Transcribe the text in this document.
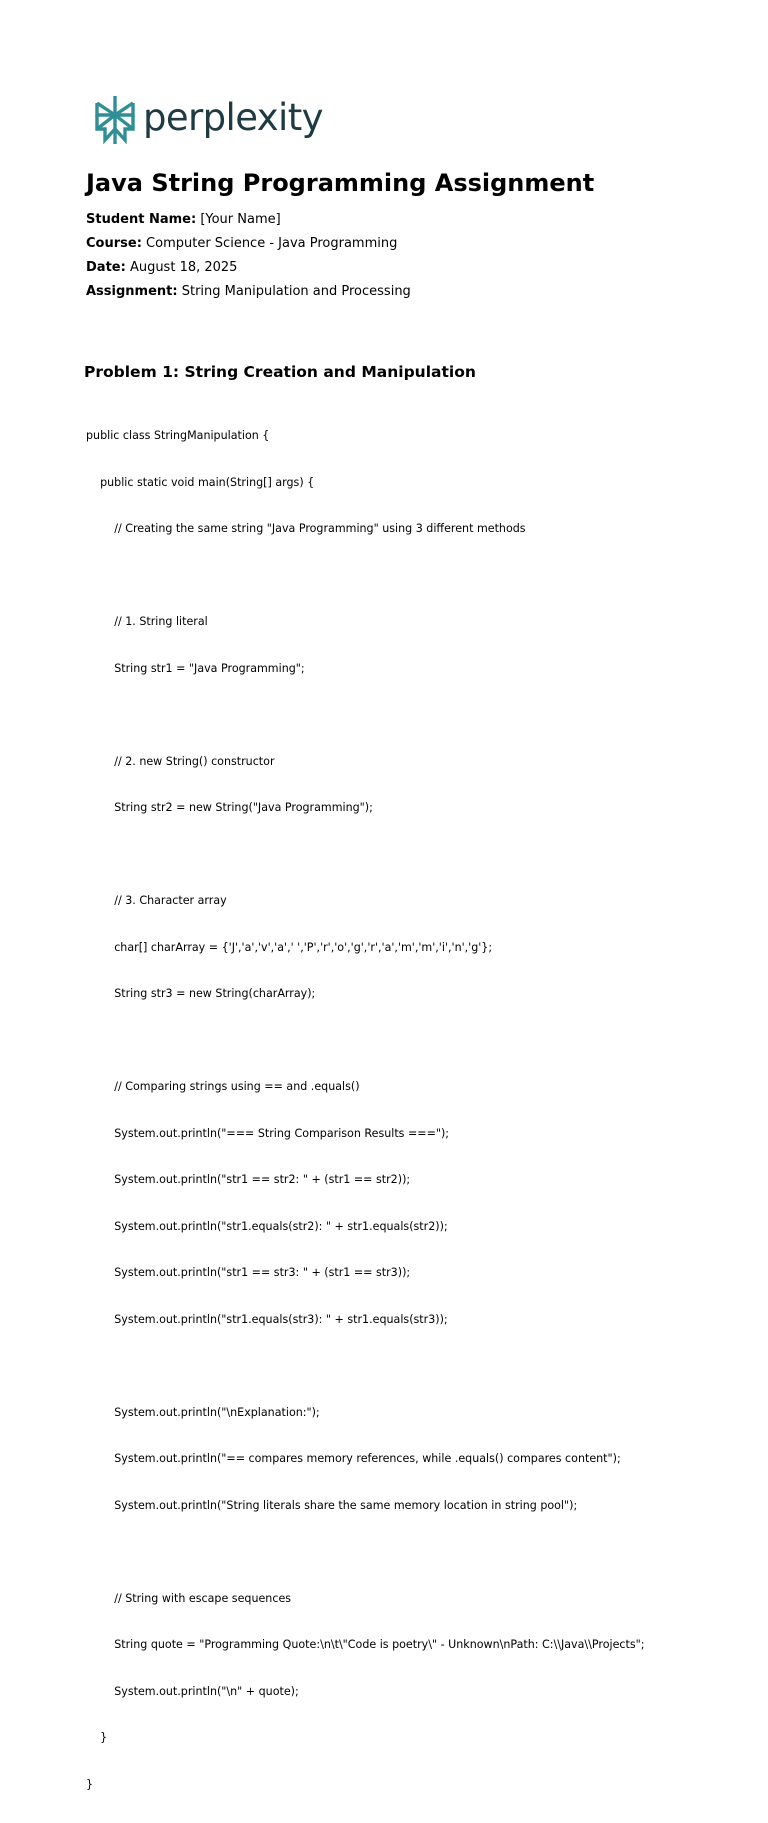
perplexity
Java String Programming Assignment
Student Name: [Your Name]
Course: Computer Science - Java Programming
Date: August 18, 2025
Assignment: String Manipulation and Processing
Problem 1: String Creation and Manipulation

public class StringManipulation {

public static void main(String[] args) {

// Creating the same string "Java Programming" using 3 different methods

// 1. String literal

String str1 = "Java Programming";

// 2. new String() constructor

String str2 = new String("Java Programming");

// 3. Character array

char[] charArray = {'J','a','v','a',' ','P','r','o','g','r','a','m','m','i','n','g'};

String str3 = new String(charArray);

// Comparing strings using == and .equals()

System.out.println("=== String Comparison Results ===");

System.out.println("str1 == str2: " + (str1 == str2));

System.out.println("str1.equals(str2): " + str1.equals(str2));

System.out.println("str1 == str3: " + (str1 == str3));

System.out.println("str1.equals(str3): " + str1.equals(str3));

System.out.println("\nExplanation:");

System.out.println("== compares memory references, while .equals() compares content");

System.out.println("String literals share the same memory location in string pool");

// String with escape sequences

String quote = "Programming Quote:\n\t\"Code is poetry\" - Unknown\nPath: C:\\Java\\Projects";

System.out.println("\n" + quote);

}

}
